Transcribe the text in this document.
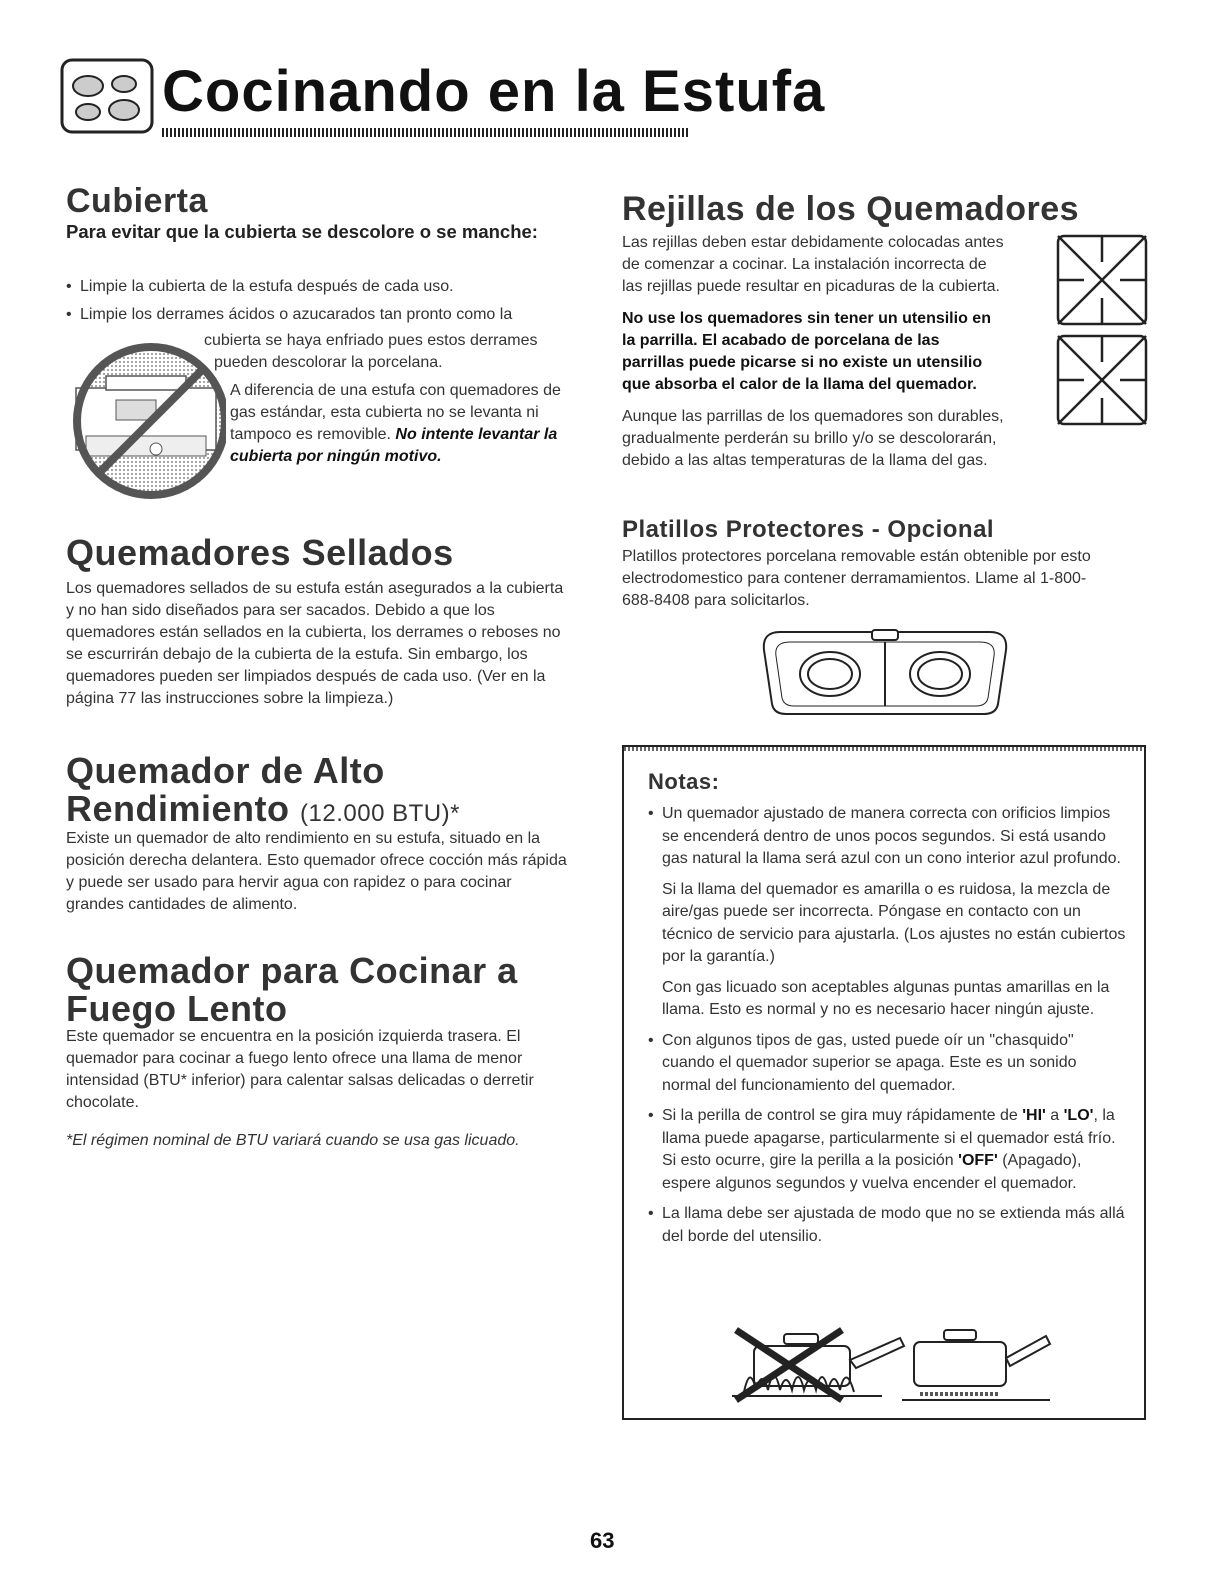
Cocinando en la Estufa
Cubierta
Para evitar que la cubierta se descolore o se manche:
• Limpie la cubierta de la estufa después de cada uso.
• Limpie los derrames ácidos o azucarados tan pronto como la
cubierta se haya enfriado pues estos derrames
pueden descolorar la porcelana.

A diferencia de una estufa con quemadores de

gas estándar, esta cubierta no se levanta ni

tampoco es removible. No intente levantar la

cubierta por ningún motivo.

Quemadores Sellados
Los quemadores sellados de su estufa están asegurados a la cubierta y no han sido diseñados para ser sacados. Debido a que los quemadores están sellados en la cubierta, los derrames o reboses no se escurrirán debajo de la cubierta de la estufa. Sin embargo, los quemadores pueden ser limpiados después de cada uso. (Ver en la página 77 las instrucciones sobre la limpieza.)
Quemador de Alto
Rendimiento (12.000 BTU)*
Existe un quemador de alto rendimiento en su estufa, situado en la posición derecha delantera. Esto quemador ofrece cocción más rápida y puede ser usado para hervir agua con rapidez o para cocinar grandes cantidades de alimento.
Quemador para Cocinar a
Fuego Lento
Este quemador se encuentra en la posición izquierda trasera. El quemador para cocinar a fuego lento ofrece una llama de menor intensidad (BTU* inferior) para calentar salsas delicadas o derretir chocolate.
*El régimen nominal de BTU variará cuando se usa gas licuado.
Rejillas de los Quemadores

Las rejillas deben estar debidamente colocadas antes

de comenzar a cocinar. La instalación incorrecta de

las rejillas puede resultar en picaduras de la cubierta.

No use los quemadores sin tener un utensilio en

la parrilla. El acabado de porcelana de las

parrillas puede picarse si no existe un utensilio

que absorba el calor de la llama del quemador.

Aunque las parrillas de los quemadores son durables,

gradualmente perderán su brillo y/o se descolorarán,

debido a las altas temperaturas de la llama del gas.

Platillos Protectores - Opcional
Platillos protectores porcelana removable están obtenible por esto electrodomestico para contener derramamientos. Llame al 1-800-688-8408 para solicitarlos.
Notas:

• Un quemador ajustado de manera correcta con orificios limpios se encenderá dentro de unos pocos segundos. Si está usando gas natural la llama será azul con un cono interior azul profundo.

Si la llama del quemador es amarilla o es ruidosa, la mezcla de aire/gas puede ser incorrecta. Póngase en contacto con un técnico de servicio para ajustarla. (Los ajustes no están cubiertos por la garantía.)

Con gas licuado son aceptables algunas puntas amarillas en la llama. Esto es normal y no es necesario hacer ningún ajuste.

• Con algunos tipos de gas, usted puede oír un "chasquido" cuando el quemador superior se apaga. Este es un sonido normal del funcionamiento del quemador.
• Si la perilla de control se gira muy rápidamente de 'HI' a 'LO', la llama puede apagarse, particularmente si el quemador está frío. Si esto ocurre, gire la perilla a la posición 'OFF' (Apagado), espere algunos segundos y vuelva encender el quemador.
• La llama debe ser ajustada de modo que no se extienda más allá del borde del utensilio.
63
